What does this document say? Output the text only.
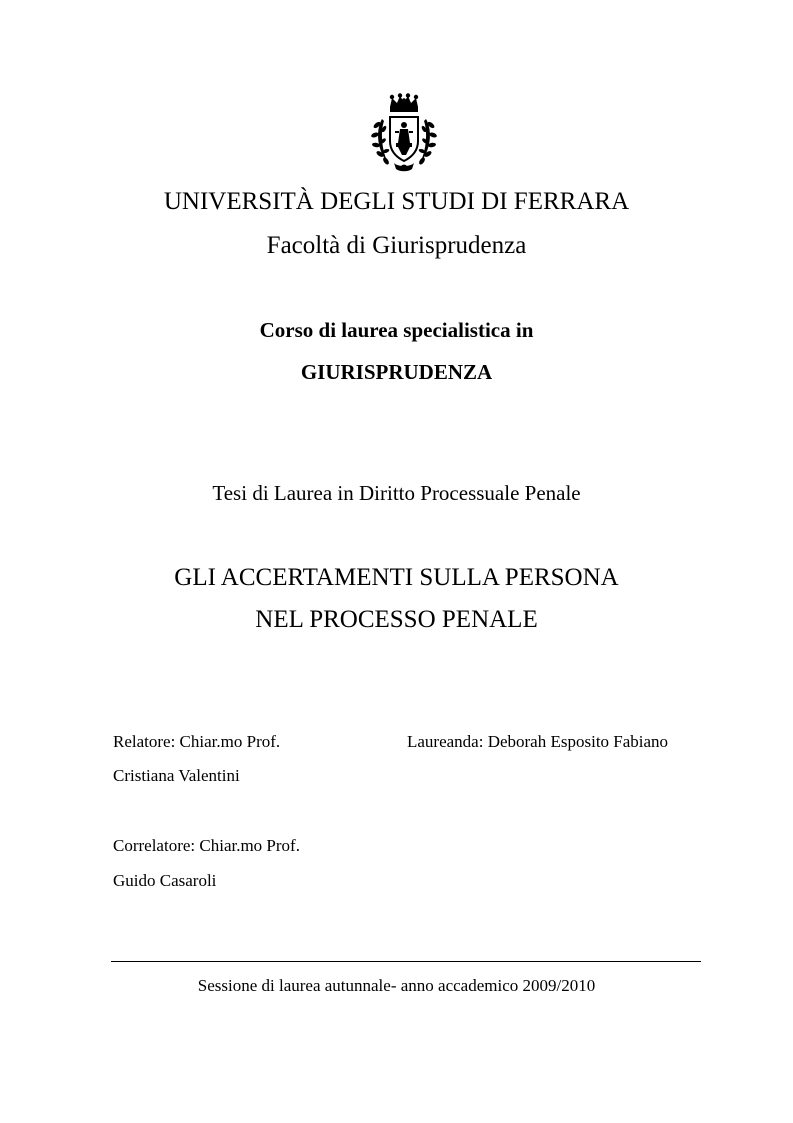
UNIVERSITÀ DEGLI STUDI DI FERRARA
Facoltà di Giurisprudenza
Corso di laurea specialistica in
GIURISPRUDENZA
Tesi di Laurea in Diritto Processuale Penale
GLI ACCERTAMENTI SULLA PERSONA
NEL PROCESSO PENALE
Relatore: Chiar.mo Prof.
Cristiana Valentini
Correlatore: Chiar.mo Prof.
Guido Casaroli
Laureanda: Deborah Esposito Fabiano
Sessione di laurea autunnale- anno accademico 2009/2010
